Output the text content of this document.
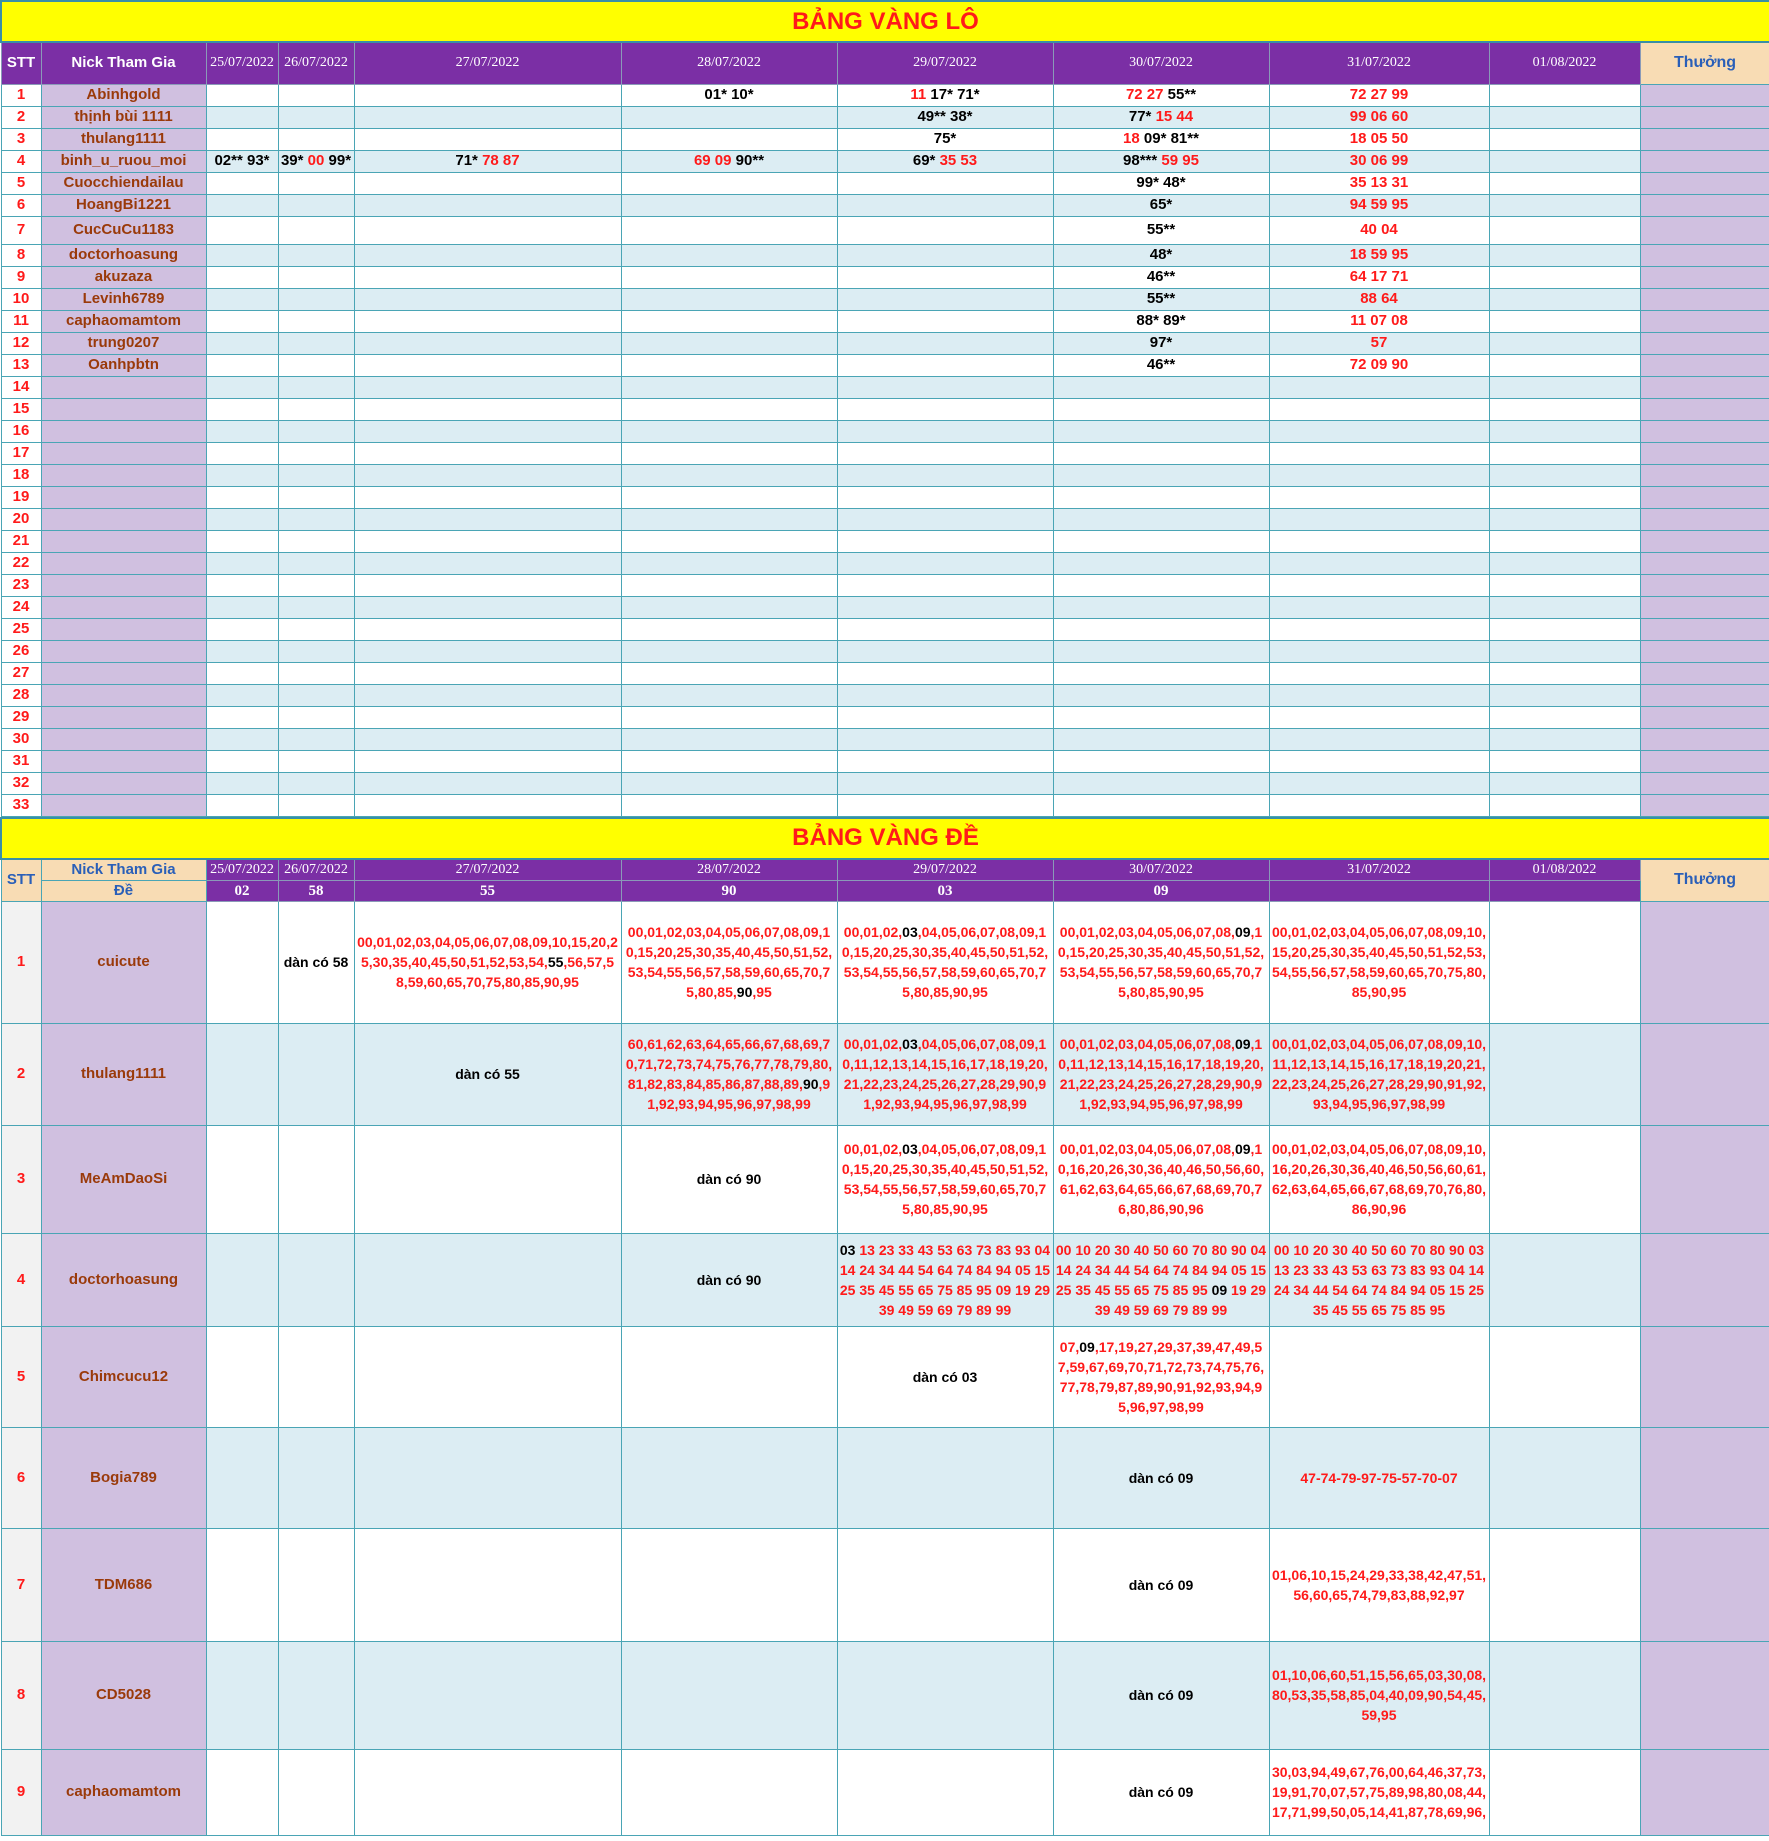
BẢNG VÀNG LÔ										
STT	Nick Tham Gia	25/07/2022	26/07/2022	27/07/2022	28/07/2022	29/07/2022	30/07/2022	31/07/2022	01/08/2022	Thưởng
1	Abinhgold				01* 10*	11 17* 71*	72 27 55**	72 27 99		
2	thịnh bùi 1111					49** 38*	77* 15 44	99 06 60		
3	thulang1111					75*	18 09* 81**	18 05 50		
4	binh_u_ruou_moi	02** 93*	39* 00 99*	71* 78 87	69 09 90**	69* 35 53	98*** 59 95	30 06 99		
5	Cuocchiendailau						99* 48*	35 13 31		
6	HoangBi1221						65*	94 59 95		
7	CucCuCu1183						55**	40 04		
8	doctorhoasung						48*	18 59 95		
9	akuzaza						46**	64 17 71		
10	Levinh6789						55**	88 64		
11	caphaomamtom						88* 89*	11 07 08		
12	trung0207						97*	57		
13	Oanhpbtn						46**	72 09 90		
14										
15										
16										
17										
18										
19										
20										
21										
22										
23										
24										
25										
26										
27										
28										
29										
30										
31										
32										
33										
BẢNG VÀNG ĐỀ										
STT	Nick Tham Gia	25/07/2022	26/07/2022	27/07/2022	28/07/2022	29/07/2022	30/07/2022	31/07/2022	01/08/2022	Thưởng
	Đề	02	58	55	90	03	09			
1	cuicute		dàn có 58	00,01,02,03,04,05,06,07,08,09,10,15,20,25,30,35,40,45,50,51,52,53,54,55,56,57,58,59,60,65,70,75,80,85,90,95	00,01,02,03,04,05,06,07,08,09,10,15,20,25,30,35,40,45,50,51,52,53,54,55,56,57,58,59,60,65,70,75,80,85,90,95	00,01,02,03,04,05,06,07,08,09,10,15,20,25,30,35,40,45,50,51,52,53,54,55,56,57,58,59,60,65,70,75,80,85,90,95	00,01,02,03,04,05,06,07,08,09,10,15,20,25,30,35,40,45,50,51,52,53,54,55,56,57,58,59,60,65,70,75,80,85,90,95	00,01,02,03,04,05,06,07,08,09,10,15,20,25,30,35,40,45,50,51,52,53,54,55,56,57,58,59,60,65,70,75,80,85,90,95		
2	thulang1111			dàn có 55	60,61,62,63,64,65,66,67,68,69,70,71,72,73,74,75,76,77,78,79,80,81,82,83,84,85,86,87,88,89,90,91,92,93,94,95,96,97,98,99	00,01,02,03,04,05,06,07,08,09,10,11,12,13,14,15,16,17,18,19,20,21,22,23,24,25,26,27,28,29,90,91,92,93,94,95,96,97,98,99	00,01,02,03,04,05,06,07,08,09,10,11,12,13,14,15,16,17,18,19,20,21,22,23,24,25,26,27,28,29,90,91,92,93,94,95,96,97,98,99	00,01,02,03,04,05,06,07,08,09,10,11,12,13,14,15,16,17,18,19,20,21,22,23,24,25,26,27,28,29,90,91,92,93,94,95,96,97,98,99		
3	MeAmDaoSi				dàn có 90	00,01,02,03,04,05,06,07,08,09,10,15,20,25,30,35,40,45,50,51,52,53,54,55,56,57,58,59,60,65,70,75,80,85,90,95	00,01,02,03,04,05,06,07,08,09,10,16,20,26,30,36,40,46,50,56,60,61,62,63,64,65,66,67,68,69,70,76,80,86,90,96	00,01,02,03,04,05,06,07,08,09,10,16,20,26,30,36,40,46,50,56,60,61,62,63,64,65,66,67,68,69,70,76,80,86,90,96		
4	doctorhoasung				dàn có 90	03 13 23 33 43 53 63 73 83 93 04 14 24 34 44 54 64 74 84 94 05 15 25 35 45 55 65 75 85 95 09 19 29 39 49 59 69 79 89 99	00 10 20 30 40 50 60 70 80 90 04 14 24 34 44 54 64 74 84 94 05 15 25 35 45 55 65 75 85 95 09 19 29 39 49 59 69 79 89 99	00 10 20 30 40 50 60 70 80 90 03 13 23 33 43 53 63 73 83 93 04 14 24 34 44 54 64 74 84 94 05 15 25 35 45 55 65 75 85 95		
5	Chimcucu12					dàn có 03	07,09,17,19,27,29,37,39,47,49,57,59,67,69,70,71,72,73,74,75,76,77,78,79,87,89,90,91,92,93,94,95,96,97,98,99			
6	Bogia789						dàn có 09	47-74-79-97-75-57-70-07		
7	TDM686						dàn có 09	01,06,10,15,24,29,33,38,42,47,51,56,60,65,74,79,83,88,92,97		
8	CD5028						dàn có 09	01,10,06,60,51,15,56,65,03,30,08,80,53,35,58,85,04,40,09,90,54,45,59,95		
9	caphaomamtom						dàn có 09	30,03,94,49,67,76,00,64,46,37,73,19,91,70,07,57,75,89,98,80,08,44,17,71,99,50,05,14,41,87,78,69,96,		
